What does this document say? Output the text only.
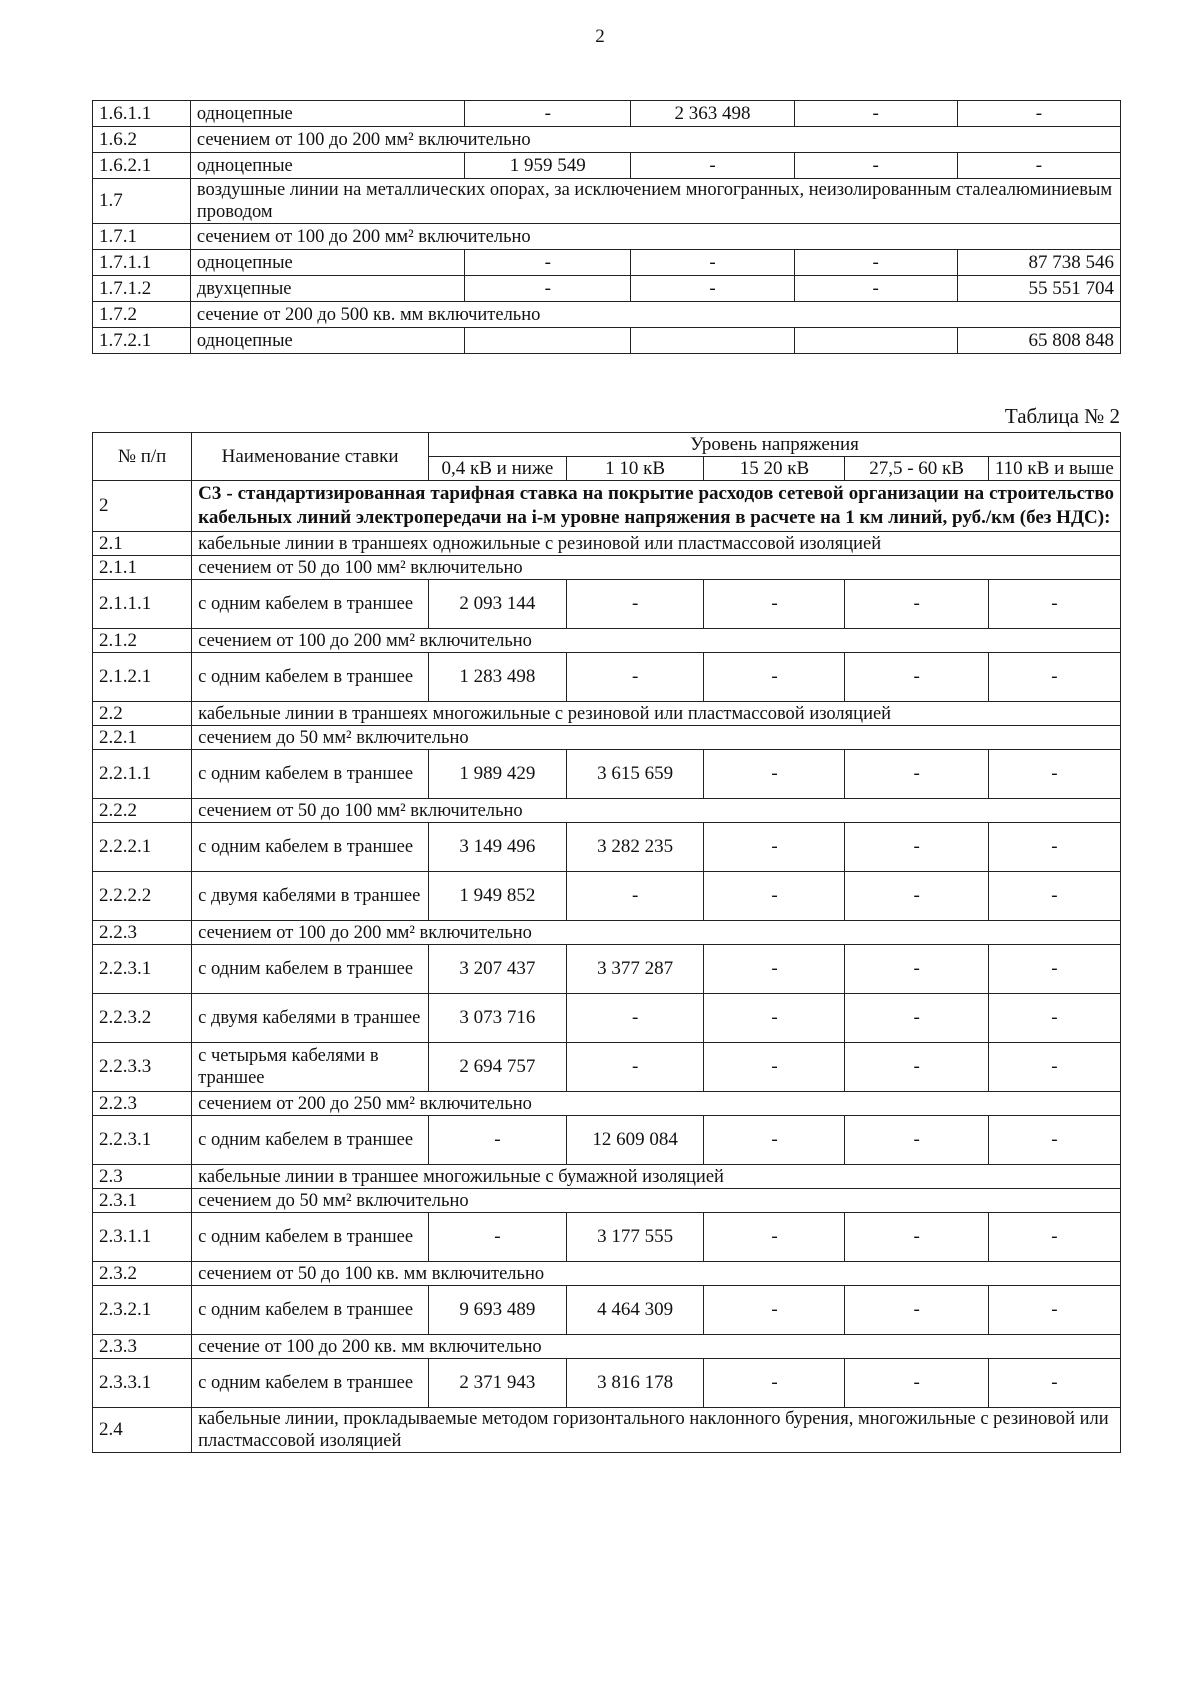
2
1.6.1.1	одноцепные	-	2 363 498	-	-
1.6.2	сечением от 100 до 200 мм² включительно				
1.6.2.1	одноцепные	1 959 549	-	-	-
1.7	воздушные линии на металлических опорах, за исключением многогранных, неизолированным сталеалюминиевым проводом				
1.7.1	сечением от 100 до 200 мм² включительно				
1.7.1.1	одноцепные	-	-	-	87 738 546
1.7.1.2	двухцепные	-	-	-	55 551 704
1.7.2	сечение от 200 до 500 кв. мм включительно				
1.7.2.1	одноцепные				65 808 848
Таблица № 2
№ п/п	Наименование ставки	Уровень напряжения				
		0,4 кВ и ниже	1 10 кВ	15 20 кВ	27,5 - 60 кВ	110 кВ и выше
2	С3 - стандартизированная тарифная ставка на покрытие расходов сетевой организации на строительство кабельных линий электропередачи на i-м уровне напряжения в расчете на 1 км линий, руб./км (без НДС):					
2.1	кабельные линии в траншеях одножильные с резиновой или пластмассовой изоляцией					
2.1.1	сечением от 50 до 100 мм² включительно					
2.1.1.1	с одним кабелем в траншее	2 093 144	-	-	-	-
2.1.2	сечением от 100 до 200 мм² включительно					
2.1.2.1	с одним кабелем в траншее	1 283 498	-	-	-	-
2.2	кабельные линии в траншеях многожильные с резиновой или пластмассовой изоляцией					
2.2.1	сечением до 50 мм² включительно					
2.2.1.1	с одним кабелем в траншее	1 989 429	3 615 659	-	-	-
2.2.2	сечением от 50 до 100 мм² включительно					
2.2.2.1	с одним кабелем в траншее	3 149 496	3 282 235	-	-	-
2.2.2.2	с двумя кабелями в траншее	1 949 852	-	-	-	-
2.2.3	сечением от 100 до 200 мм² включительно					
2.2.3.1	с одним кабелем в траншее	3 207 437	3 377 287	-	-	-
2.2.3.2	с двумя кабелями в траншее	3 073 716	-	-	-	-
2.2.3.3	с четырьмя кабелями в траншее	2 694 757	-	-	-	-
2.2.3	сечением от 200 до 250 мм² включительно					
2.2.3.1	с одним кабелем в траншее	-	12 609 084	-	-	-
2.3	кабельные линии в траншее многожильные с бумажной изоляцией					
2.3.1	сечением до 50 мм² включительно					
2.3.1.1	с одним кабелем в траншее	-	3 177 555	-	-	-
2.3.2	сечением от 50 до 100 кв. мм включительно					
2.3.2.1	с одним кабелем в траншее	9 693 489	4 464 309	-	-	-
2.3.3	сечение от 100 до 200 кв. мм включительно					
2.3.3.1	с одним кабелем в траншее	2 371 943	3 816 178	-	-	-
2.4	кабельные линии, прокладываемые методом горизонтального наклонного бурения, многожильные с резиновой или пластмассовой изоляцией					
